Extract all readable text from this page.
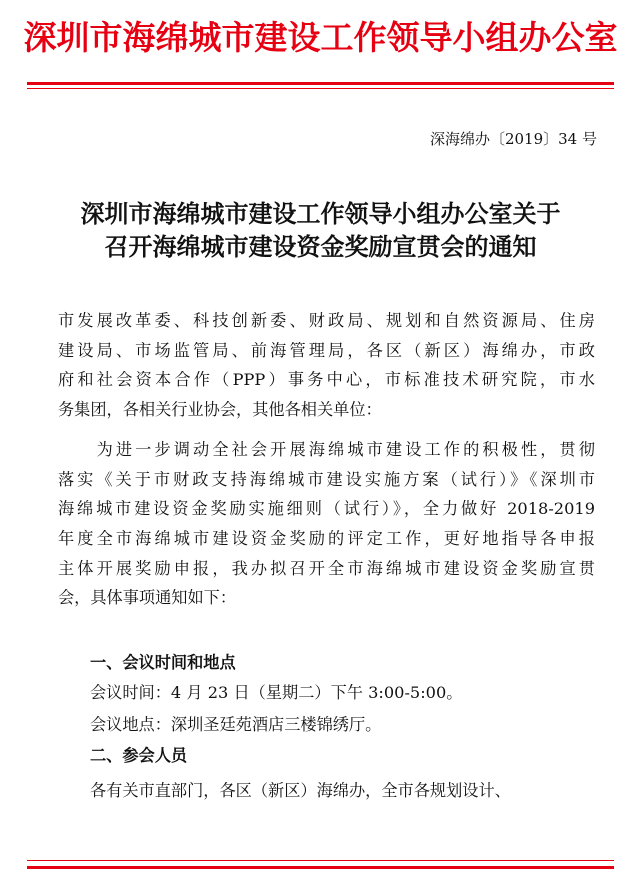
深圳市海绵城市建设工作领导小组办公室
深海绵办〔2019〕34 号
深圳市海绵城市建设工作领导小组办公室关于
召开海绵城市建设资金奖励宣贯会的通知
市发展改革委、科技创新委、财政局、规划和自然资源局、住房
建设局、市场监管局、前海管理局，各区（新区）海绵办，市政
府和社会资本合作（PPP）事务中心，市标准技术研究院，市水
务集团，各相关行业协会，其他各相关单位：
　　为进一步调动全社会开展海绵城市建设工作的积极性，贯彻
落实《关于市财政支持海绵城市建设实施方案（试行）》《深圳市
海绵城市建设资金奖励实施细则（试行）》，全力做好 2018-2019
年度全市海绵城市建设资金奖励的评定工作，更好地指导各申报
主体开展奖励申报，我办拟召开全市海绵城市建设资金奖励宣贯
会，具体事项通知如下：
一、会议时间和地点
会议时间：4 月 23 日（星期二）下午 3:00-5:00。
会议地点：深圳圣廷苑酒店三楼锦绣厅。
二、参会人员
各有关市直部门，各区（新区）海绵办，全市各规划设计、
